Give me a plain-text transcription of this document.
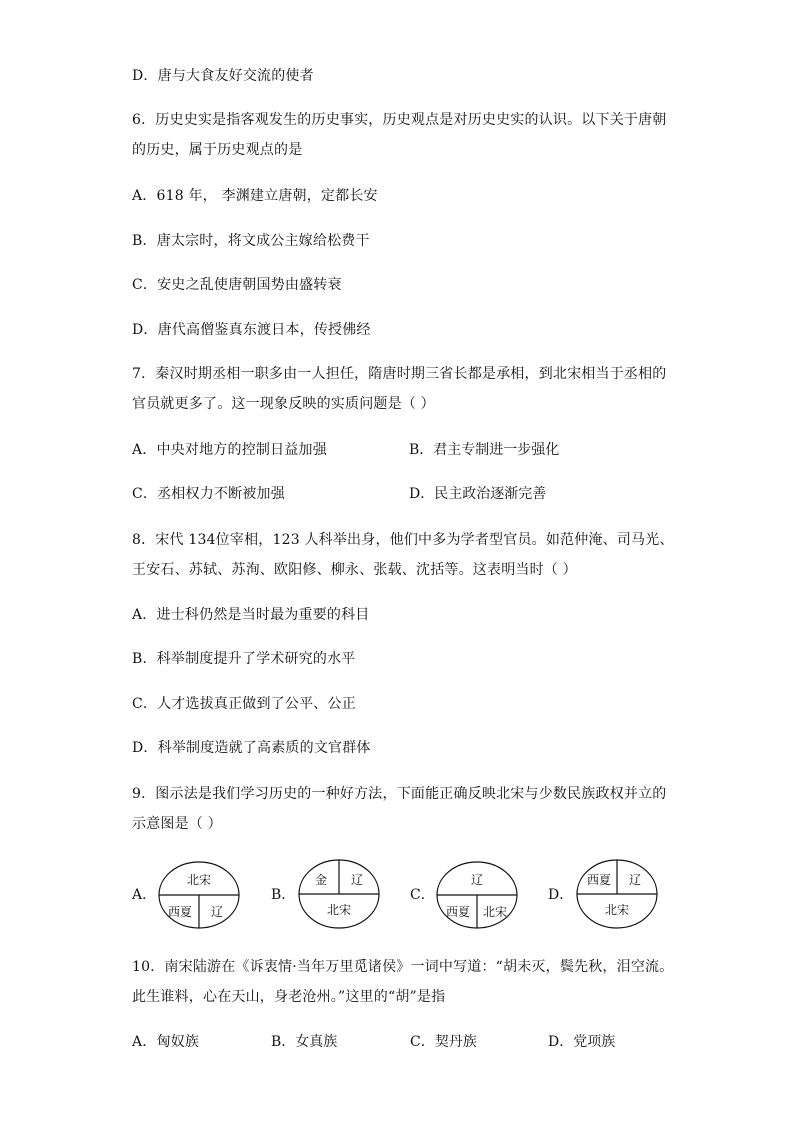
D．唐与大食友好交流的使者
6．历史史实是指客观发生的历史事实，历史观点是对历史史实的认识。以下关于唐朝
的历史，属于历史观点的是
A．618 年， 李渊建立唐朝，定都长安
B．唐太宗时，将文成公主嫁给松费干
C．安史之乱使唐朝国势由盛转衰
D．唐代高僧鉴真东渡日本，传授佛经
7．秦汉时期丞相一职多由一人担任，隋唐时期三省长都是承相，到北宋相当于丞相的
官员就更多了。这一现象反映的实质问题是（ ）
A．中央对地方的控制日益加强	B．君主专制进一步强化
C．丞相权力不断被加强	D．民主政治逐渐完善
8．宋代 134位宰相，123 人科举出身，他们中多为学者型官员。如范仲淹、司马光、
王安石、苏轼、苏洵、欧阳修、柳永、张载、沈括等。这表明当时（ ）
A．进士科仍然是当时最为重要的科目
B．科举制度提升了学术研究的水平
C．人才选拔真正做到了公平、公正
D．科举制度造就了高素质的文官群体
9．图示法是我们学习历史的一种好方法，下面能正确反映北宋与少数民族政权并立的
示意图是（ ）
A．
北宋
西夏 辽
B．
金 辽
北宋
C．
辽
西夏 北宋
D．
西夏 辽
北宋
10．南宋陆游在《诉衷情·当年万里觅诸侯》一词中写道：“胡未灭，鬓先秋，泪空流。
此生谁料，心在天山，身老沧州。”这里的“胡”是指
A．匈奴族	B．女真族	C．契丹族	D．党项族
